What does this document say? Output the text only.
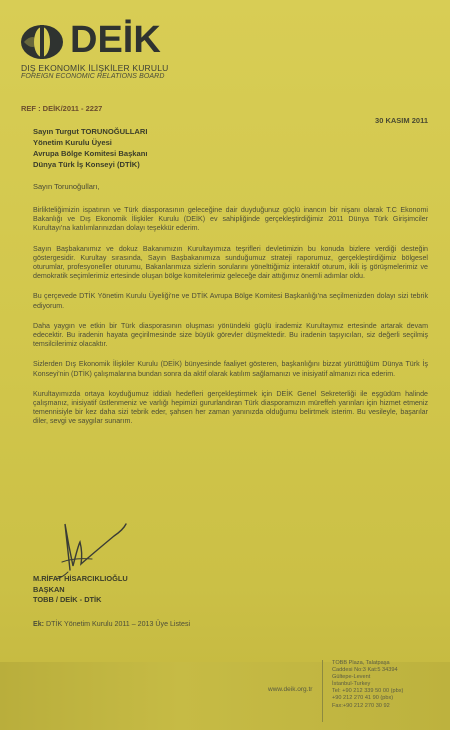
DEİK
DIŞ EKONOMİK İLİŞKİLER KURULU
FOREIGN ECONOMIC RELATIONS BOARD
REF : DEİK/2011 - 2227
30 KASIM 2011
Sayın Turgut TORUNOĞULLARI
Yönetim Kurulu Üyesi
Avrupa Bölge Komitesi Başkanı
Dünya Türk İş Konseyi (DTİK)
Sayın Torunoğulları,

Birlikteliğimizin ispatının ve Türk diasporasının geleceğine dair duyduğunuz güçlü inancın bir nişanı olarak T.C Ekonomi Bakanlığı ve Dış Ekonomik İlişkiler Kurulu (DEİK) ev sahipliğinde gerçekleştirdiğimiz 2011 Dünya Türk Girişimciler Kurultayı'na katılımlarınızdan dolayı teşekkür ederim.

Sayın Başbakanımız ve dokuz Bakanımızın Kurultayımıza teşrifleri devletimizin bu konuda bizlere verdiği desteğin göstergesidir. Kurultay sırasında, Sayın Başbakanımıza sunduğumuz strateji raporumuz, gerçekleştirdiğimiz bölgesel oturumlar, profesyoneller oturumu, Bakanlarımıza sizlerin sorularını yönelttiğimiz interaktif oturum, ikili iş görüşmelerimiz ve demokratik seçimlerimiz ertesinde oluşan bölge komitelerimiz geleceğe dair attığımız önemli adımlar oldu.

Bu çerçevede DTİK Yönetim Kurulu Üyeliği'ne ve DTİK Avrupa Bölge Komitesi Başkanlığı'na seçilmenizden dolayı sizi tebrik ediyorum.

Daha yaygın ve etkin bir Türk diasporasının oluşması yönündeki güçlü irademiz Kurultaymız ertesinde artarak devam edecektir. Bu iradenin hayata geçirilmesinde size büyük görevler düşmektedir. Bu iradenin taşıyıcıları, siz değerli seçilmiş temsilcilerimiz olacaktır.

Sizlerden Dış Ekonomik İlişkiler Kurulu (DEİK) bünyesinde faaliyet gösteren, başkanlığını bizzat yürüttüğüm Dünya Türk İş Konseyi'nin (DTİK) çalışmalarına bundan sonra da aktif olarak katılım sağlamanızı ve inisiyatif almanızı rica ederim.

Kurultayımızda ortaya koyduğumuz iddialı hedefleri gerçekleştirmek için DEİK Genel Sekreterliği ile eşgüdüm halinde çalışmanız, inisiyatif üstlenmeniz ve varlığı hepimizi gururlandıran Türk diasporamızın müreffeh yarınları için hizmet etmeniz temennisiyle bir kez daha sizi tebrik eder, şahsen her zaman yanınızda olduğumu belirtmek isterim. Bu vesileyle, başarılar diler, sevgi ve saygılar sunarım.

M.RİFAT HİSARCIKLIOĞLU
BAŞKAN
TOBB / DEİK - DTİK
Ek: DTİK Yönetim Kurulu 2011 – 2013 Üye Listesi
www.deik.org.tr
TOBB Plaza, Talatpaşa
Caddesi No:3 Kat:5 34394
Gültepe-Levent
İstanbul-Turkey
Tel: +90 212 339 50 00 (pbx)
+90 212 270 41 90 (pbx)
Fax:+90 212 270 30 92
